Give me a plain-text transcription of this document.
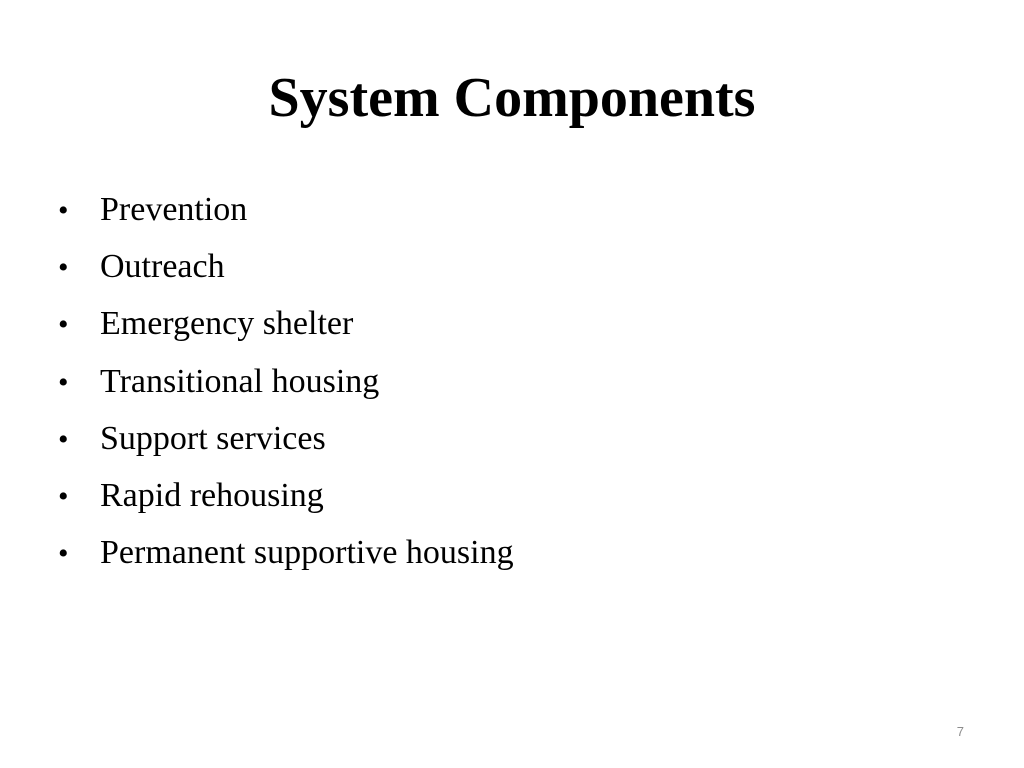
System Components
• Prevention
• Outreach
• Emergency shelter
• Transitional housing
• Support services
• Rapid rehousing
• Permanent supportive housing
7
